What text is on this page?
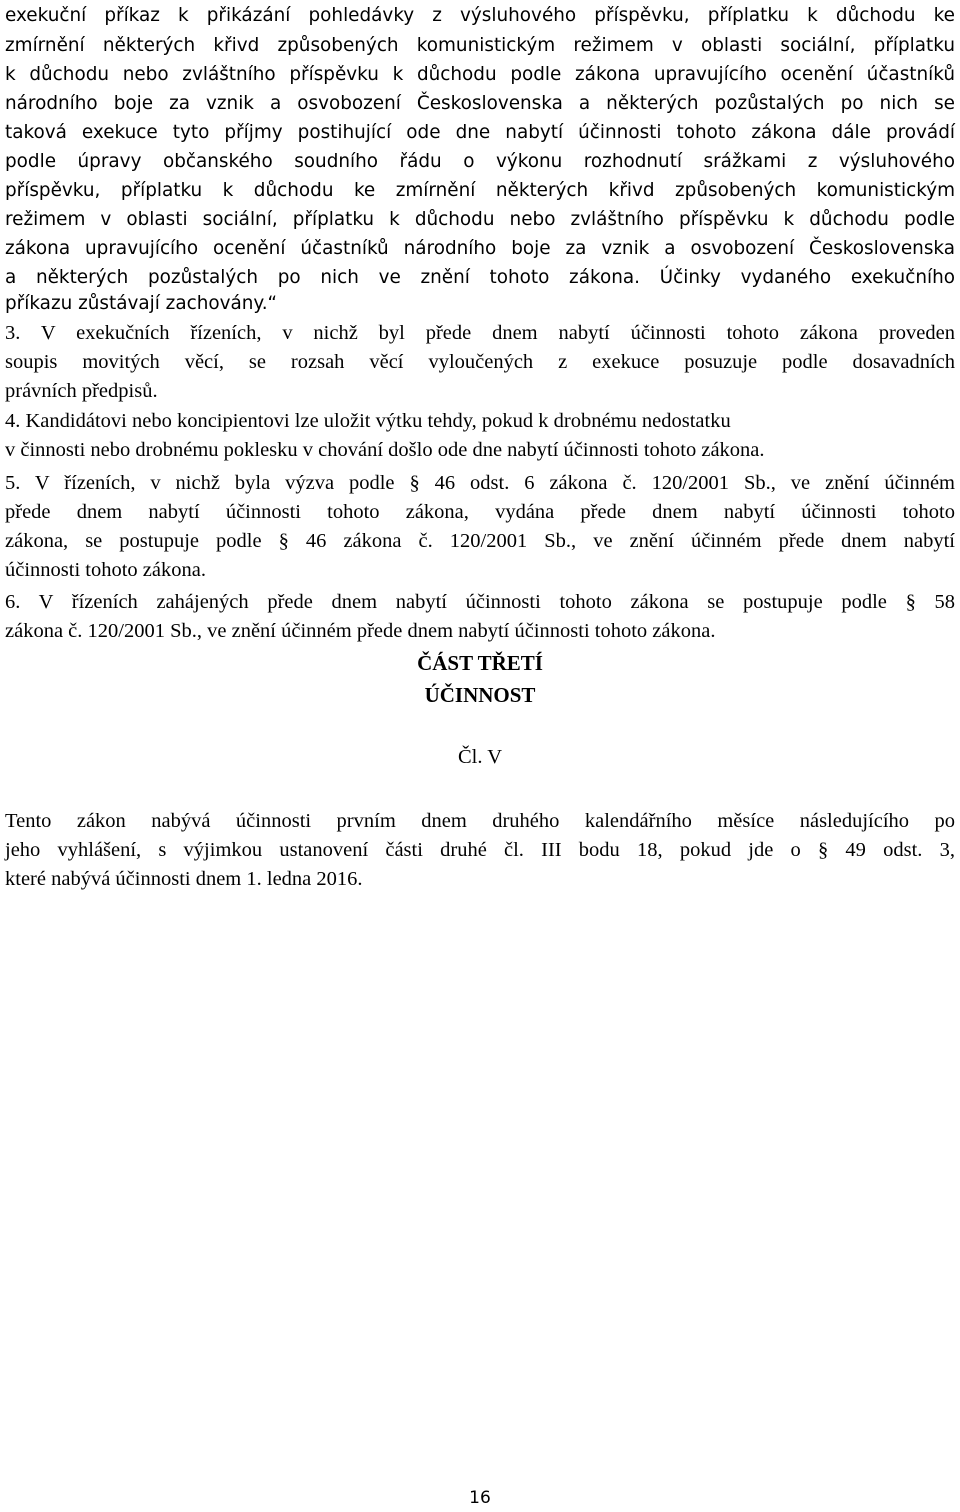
exekuční příkaz k přikázání pohledávky z výsluhového příspěvku, příplatku k důchodu ke
zmírnění některých křivd způsobených komunistickým režimem v oblasti sociální, příplatku
k důchodu nebo zvláštního příspěvku k důchodu podle zákona upravujícího ocenění účastníků
národního boje za vznik a osvobození Československa a některých pozůstalých po nich se
taková exekuce tyto příjmy postihující ode dne nabytí účinnosti tohoto zákona dále provádí
podle úpravy občanského soudního řádu o výkonu rozhodnutí srážkami z výsluhového
příspěvku, příplatku k důchodu ke zmírnění některých křivd způsobených komunistickým
režimem v oblasti sociální, příplatku k důchodu nebo zvláštního příspěvku k důchodu podle
zákona upravujícího ocenění účastníků národního boje za vznik a osvobození Československa
a některých pozůstalých po nich ve znění tohoto zákona. Účinky vydaného exekučního
příkazu zůstávají zachovány.“
3. V exekučních řízeních, v nichž byl přede dnem nabytí účinnosti tohoto zákona proveden
soupis movitých věcí, se rozsah věcí vyloučených z exekuce posuzuje podle dosavadních
právních předpisů.
4. Kandidátovi nebo koncipientovi lze uložit výtku tehdy, pokud k drobnému nedostatku
v činnosti nebo drobnému poklesku v chování došlo ode dne nabytí účinnosti tohoto zákona.
5. V řízeních, v nichž byla výzva podle § 46 odst. 6 zákona č. 120/2001 Sb., ve znění účinném
přede dnem nabytí účinnosti tohoto zákona, vydána přede dnem nabytí účinnosti tohoto
zákona, se postupuje podle § 46 zákona č. 120/2001 Sb., ve znění účinném přede dnem nabytí
účinnosti tohoto zákona.
6. V řízeních zahájených přede dnem nabytí účinnosti tohoto zákona se postupuje podle § 58
zákona č. 120/2001 Sb., ve znění účinném přede dnem nabytí účinnosti tohoto zákona.
ČÁST TŘETÍ
ÚČINNOST
Čl. V
Tento zákon nabývá účinnosti prvním dnem druhého kalendářního měsíce následujícího po
jeho vyhlášení, s výjimkou ustanovení části druhé čl. III bodu 18, pokud jde o § 49 odst. 3,
které nabývá účinnosti dnem 1. ledna 2016.
16
